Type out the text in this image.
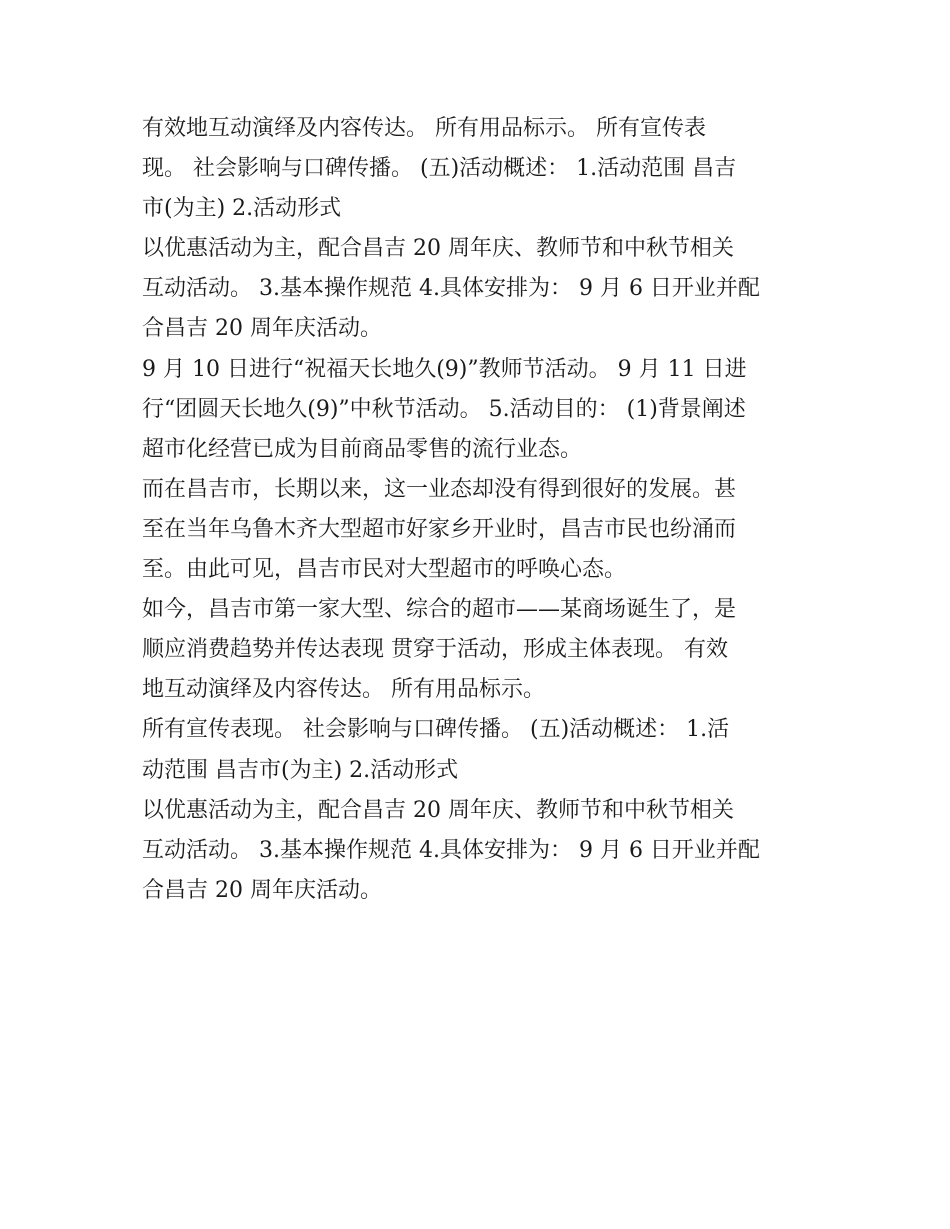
有效地互动演绎及内容传达。 所有用品标示。 所有宣传表
现。 社会影响与口碑传播。 (五)活动概述： 1.活动范围 昌吉
市(为主) 2.活动形式
以优惠活动为主，配合昌吉 20 周年庆、教师节和中秋节相关
互动活动。 3.基本操作规范 4.具体安排为： 9 月 6 日开业并配
合昌吉 20 周年庆活动。
9 月 10 日进行“祝福天长地久(9)”教师节活动。 9 月 11 日进
行“团圆天长地久(9)”中秋节活动。 5.活动目的： (1)背景阐述
超市化经营已成为目前商品零售的流行业态。
而在昌吉市，长期以来，这一业态却没有得到很好的发展。甚
至在当年乌鲁木齐大型超市好家乡开业时，昌吉市民也纷涌而
至。由此可见，昌吉市民对大型超市的呼唤心态。
如今，昌吉市第一家大型、综合的超市——某商场诞生了，是
顺应消费趋势并传达表现 贯穿于活动，形成主体表现。 有效
地互动演绎及内容传达。 所有用品标示。
所有宣传表现。 社会影响与口碑传播。 (五)活动概述： 1.活
动范围 昌吉市(为主) 2.活动形式
以优惠活动为主，配合昌吉 20 周年庆、教师节和中秋节相关
互动活动。 3.基本操作规范 4.具体安排为： 9 月 6 日开业并配
合昌吉 20 周年庆活动。
